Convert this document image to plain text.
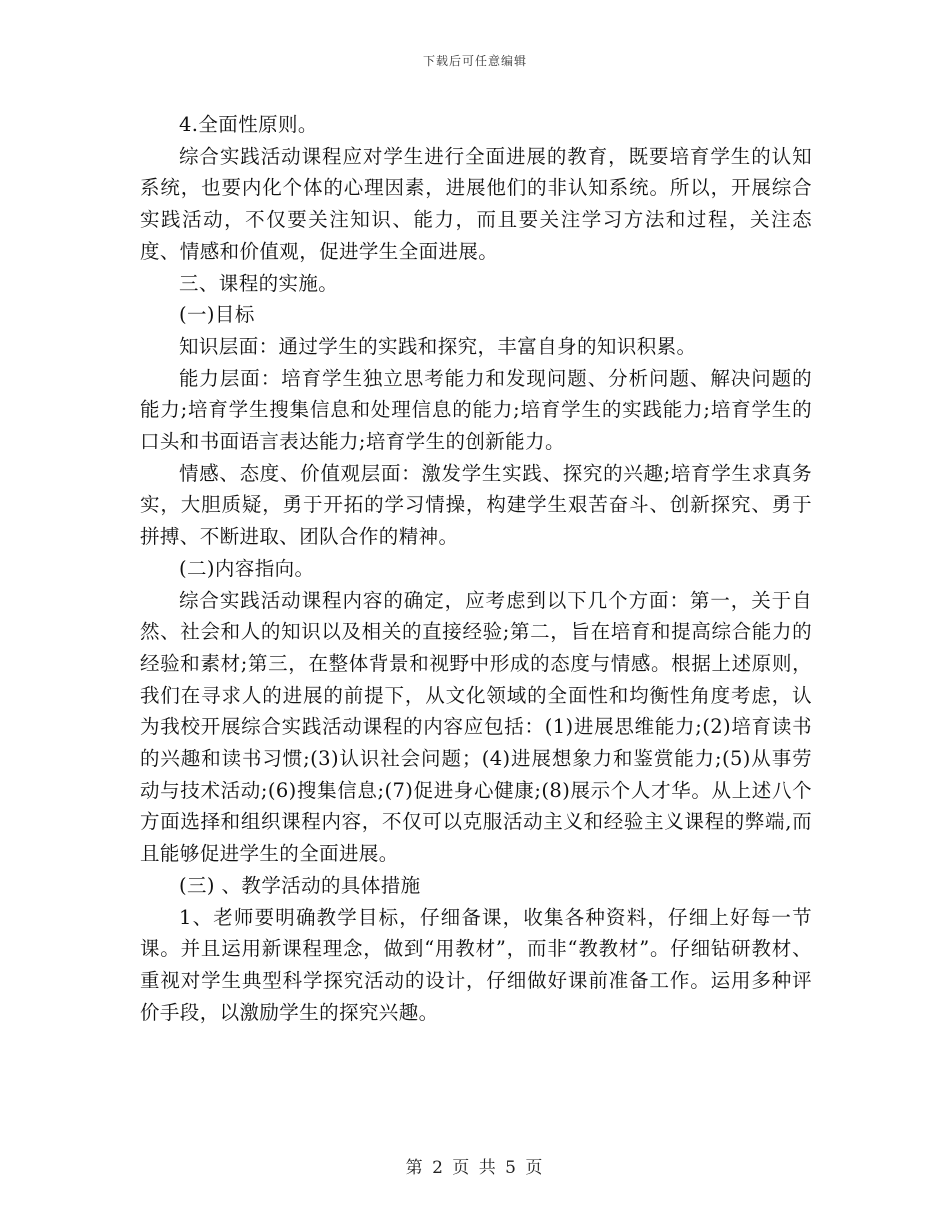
下载后可任意编辑

4.全面性原则。

综合实践活动课程应对学生进行全面进展的教育，既要培育学生的认知系统，也要内化个体的心理因素，进展他们的非认知系统。所以，开展综合实践活动，不仅要关注知识、能力，而且要关注学习方法和过程，关注态度、情感和价值观，促进学生全面进展。

三、课程的实施。

(一)目标

知识层面：通过学生的实践和探究，丰富自身的知识积累。

能力层面：培育学生独立思考能力和发现问题、分析问题、解决问题的能力;培育学生搜集信息和处理信息的能力;培育学生的实践能力;培育学生的口头和书面语言表达能力;培育学生的创新能力。

情感、态度、价值观层面：激发学生实践、探究的兴趣;培育学生求真务实，大胆质疑，勇于开拓的学习情操，构建学生艰苦奋斗、创新探究、勇于拼搏、不断进取、团队合作的精神。

(二)内容指向。

综合实践活动课程内容的确定，应考虑到以下几个方面：第一，关于自然、社会和人的知识以及相关的直接经验;第二，旨在培育和提高综合能力的经验和素材;第三，在整体背景和视野中形成的态度与情感。根据上述原则，我们在寻求人的进展的前提下，从文化领域的全面性和均衡性角度考虑，认为我校开展综合实践活动课程的内容应包括：(1)进展思维能力;(2)培育读书的兴趣和读书习惯;(3)认识社会问题；(4)进展想象力和鉴赏能力;(5)从事劳动与技术活动;(6)搜集信息;(7)促进身心健康;(8)展示个人才华。从上述八个方面选择和组织课程内容，不仅可以克服活动主义和经验主义课程的弊端,而且能够促进学生的全面进展。

(三) 、教学活动的具体措施

1、老师要明确教学目标，仔细备课，收集各种资料，仔细上好每一节课。并且运用新课程理念，做到“用教材”，而非“教教材”。仔细钻研教材、重视对学生典型科学探究活动的设计，仔细做好课前准备工作。运用多种评价手段，以激励学生的探究兴趣。

第 2 页 共 5 页
